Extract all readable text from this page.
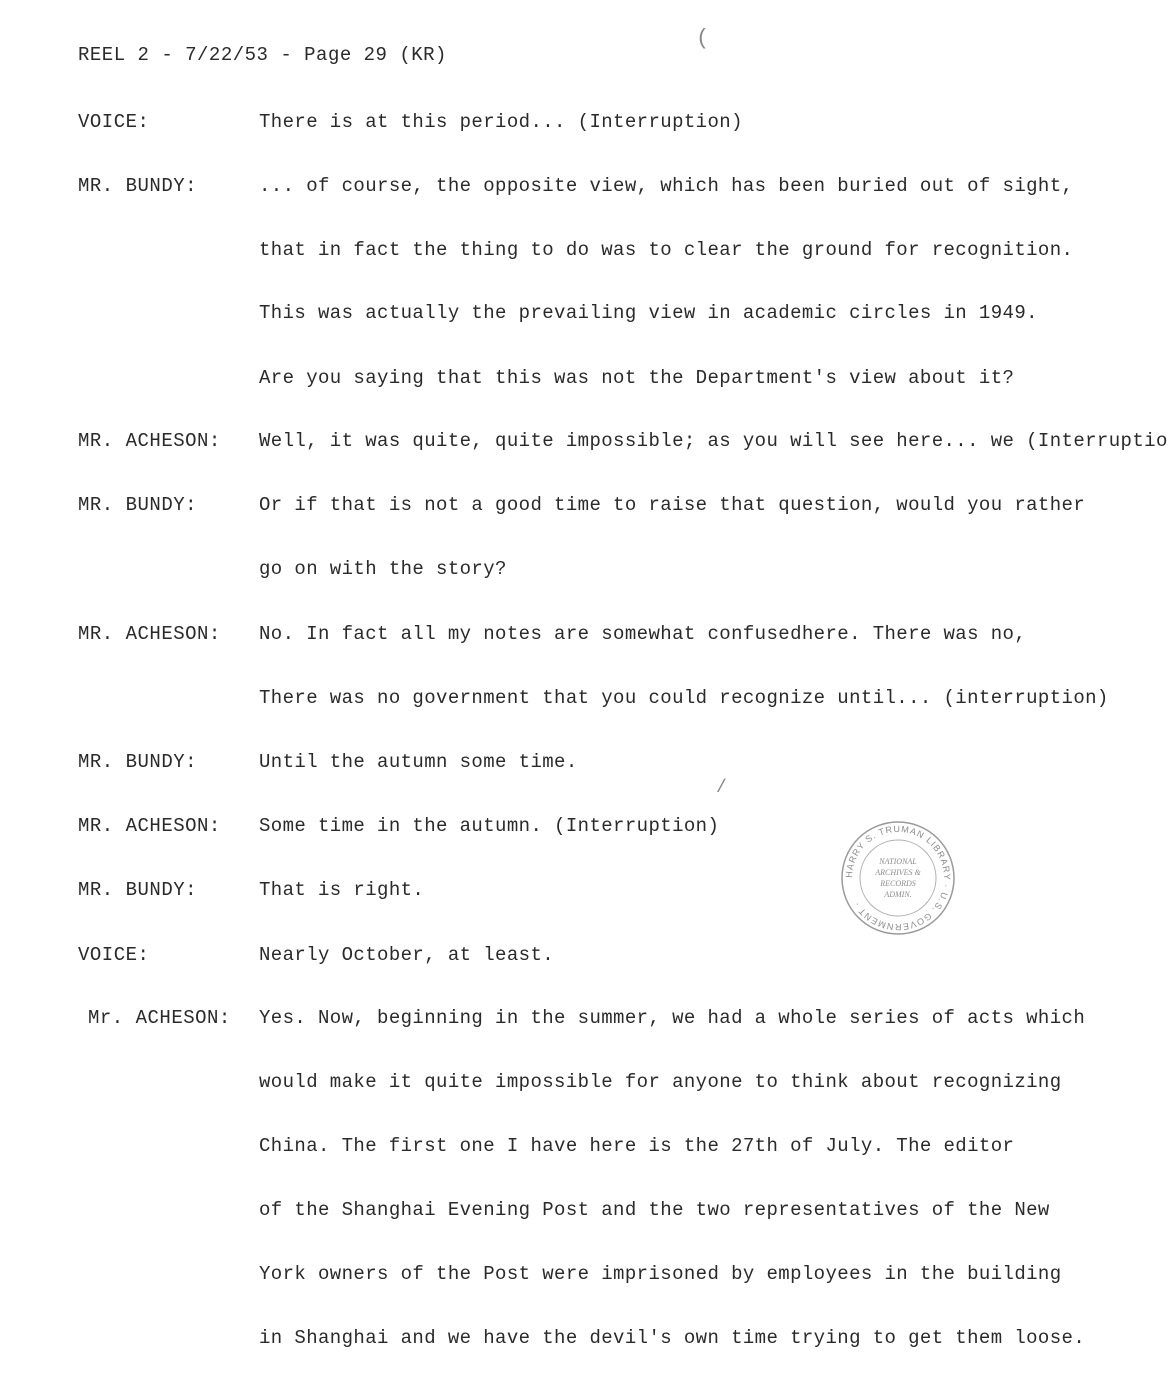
REEL 2 - 7/22/53 - Page 29 (KR)
VOICE:	There is at this period... (Interruption)
MR. BUNDY:	... of course, the opposite view, which has been buried out of sight,
that in fact the thing to do was to clear the ground for recognition.
This was actually the prevailing view in academic circles in 1949.
Are you saying that this was not the Department's view about it?
MR. ACHESON: Well, it was quite, quite impossible; as you will see here... we (Interruptio
MR. BUNDY:	Or if that is not a good time to raise that question, would you rather
go on with the story?
MR. ACHESON: No. In fact all my notes are somewhat confusedhere. There was no,
There was no government that you could recognize until... (interruption)
MR. BUNDY:	Until the autumn some time.
MR. ACHESON: Some time in the autumn. (Interruption)
MR. BUNDY:	That is right.
VOICE:	Nearly October, at least.
Mr. ACHESON: Yes. Now, beginning in the summer, we had a whole series of acts which
would make it quite impossible for anyone to think about recognizing
China. The first one I have here is the 27th of July. The editor
of the Shanghai Evening Post and the two representatives of the New
York owners of the Post were imprisoned by employees in the building
in Shanghai and we have the devil's own time trying to get them loose.
(
/
HARRY S. TRUMAN LIBRARY · U.S. GOVERNMENT ·
NATIONAL
ARCHIVES &
RECORDS
ADMIN.
